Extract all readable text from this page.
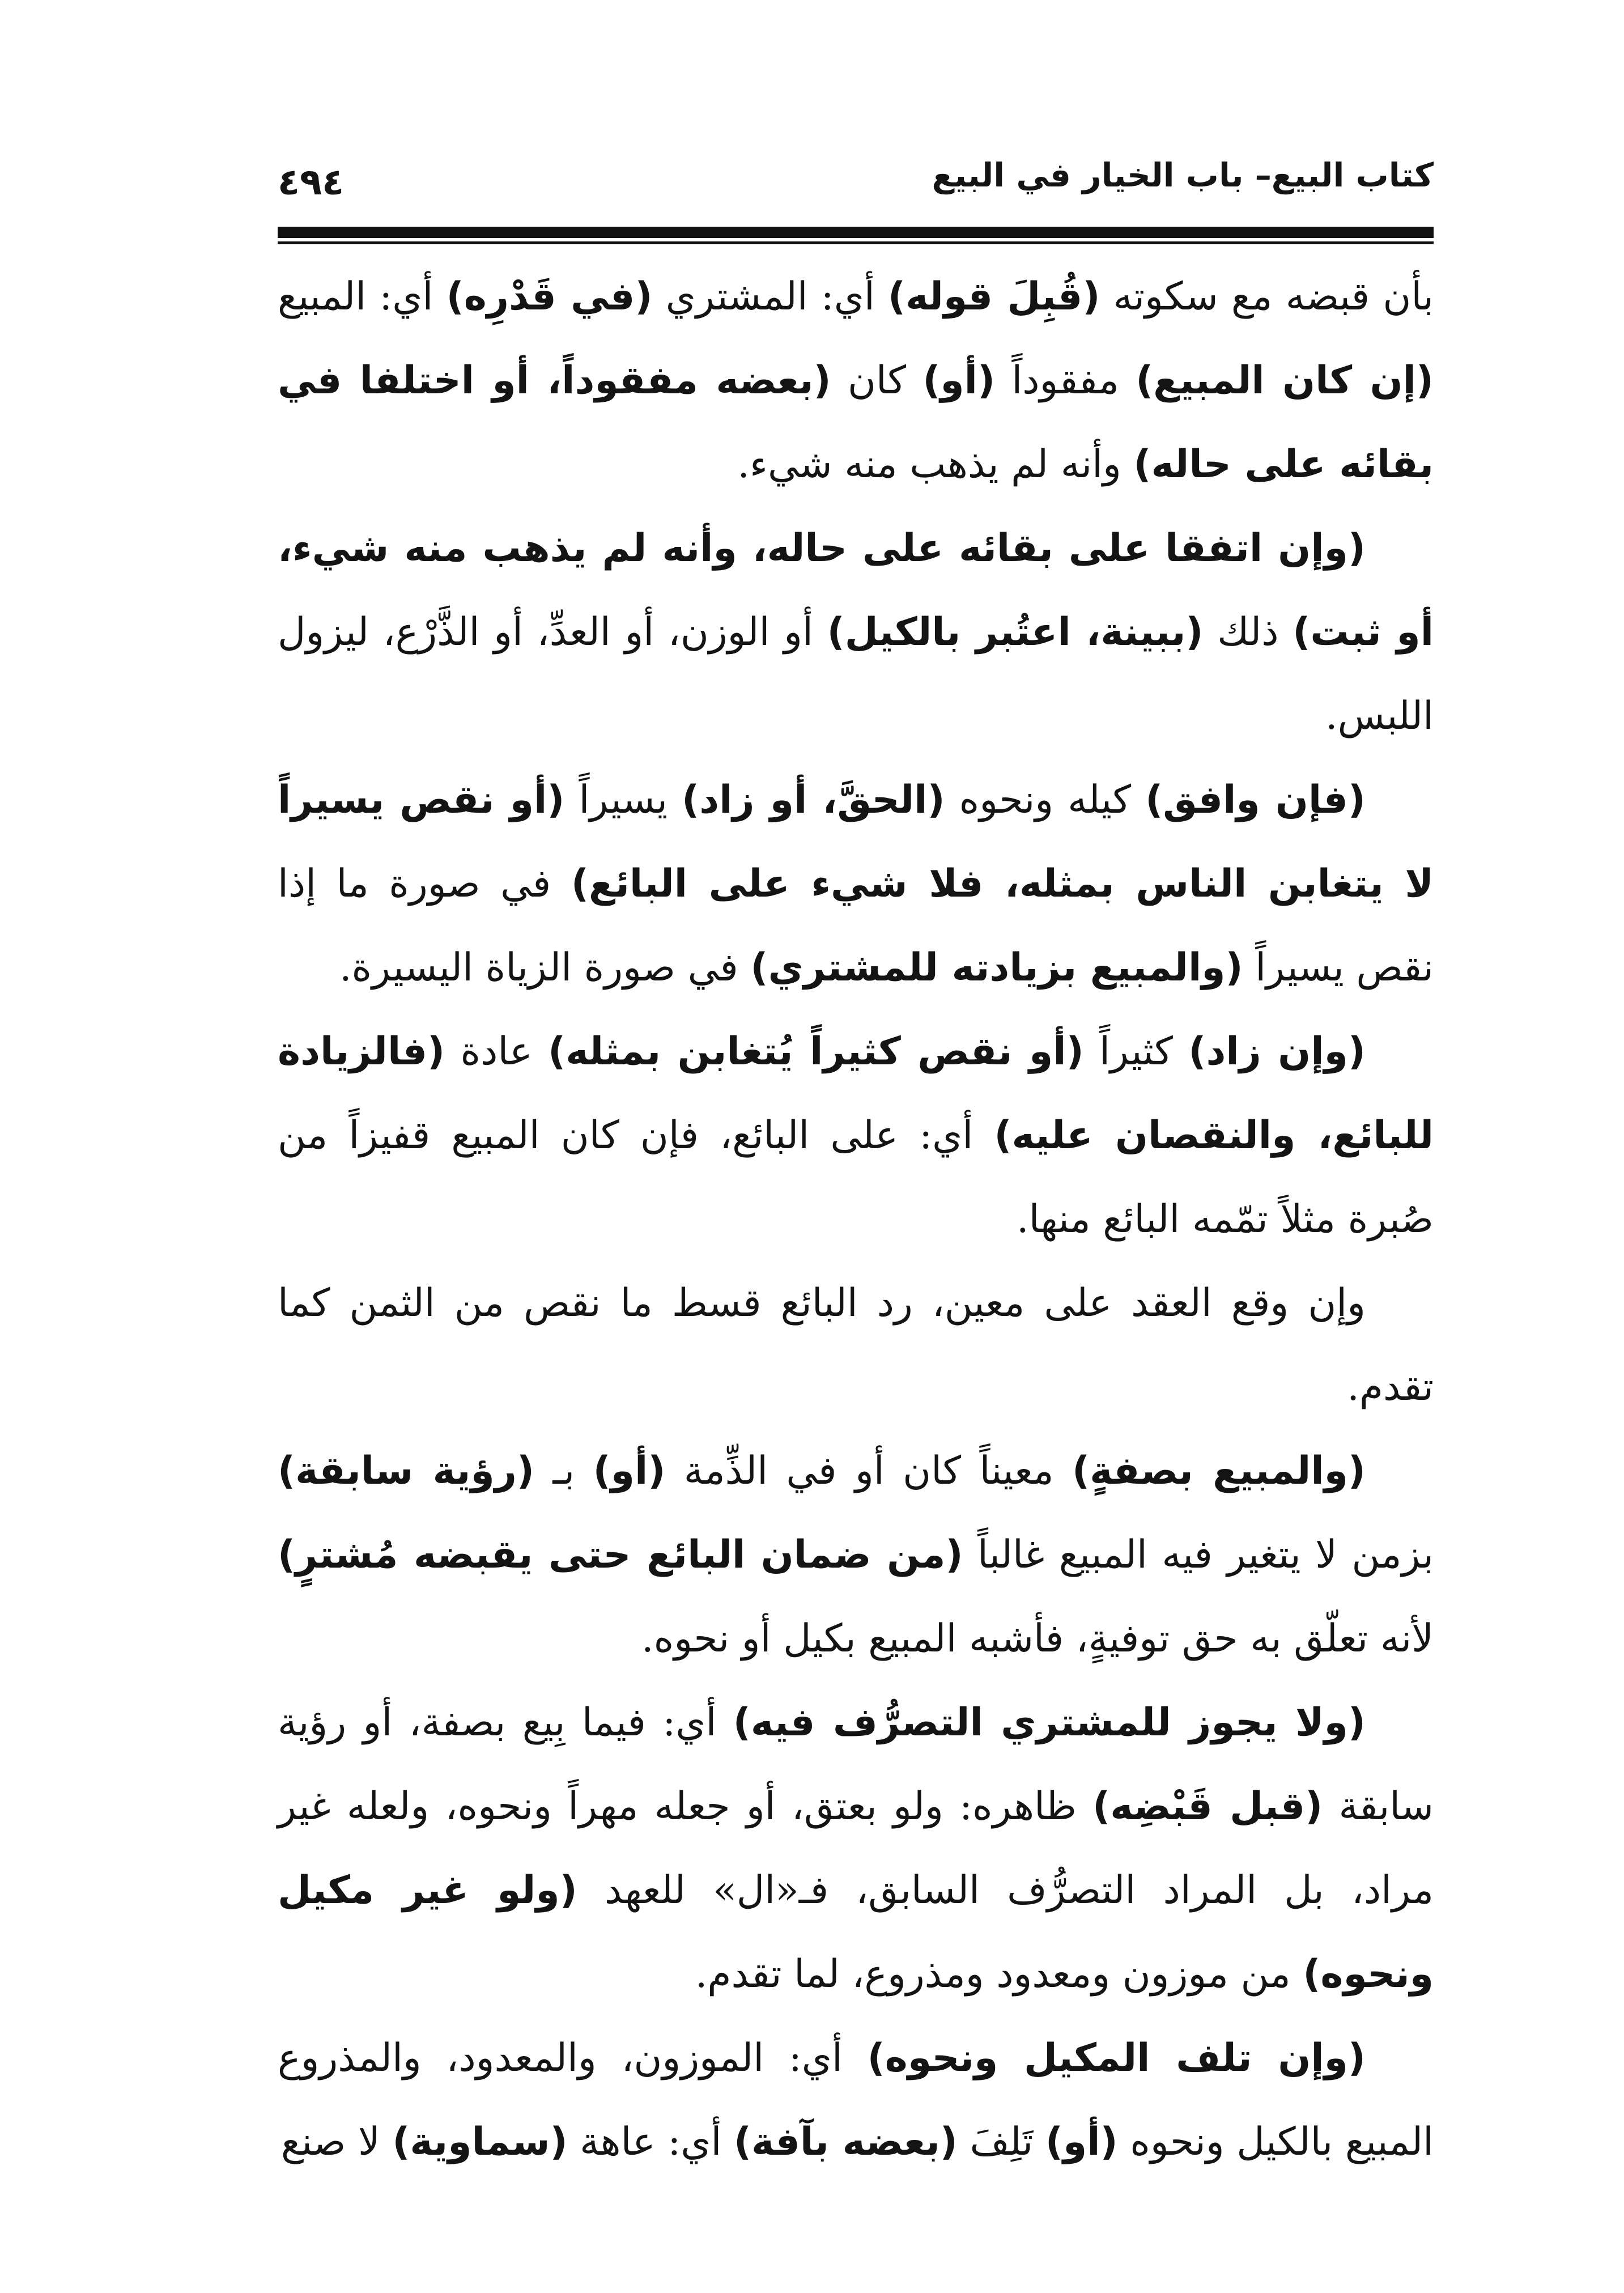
٤٩٤	كتاب البيع– باب الخيار في البيع

بأن قبضه مع سكوته (قُبِلَ قوله) أي: المشتري (في قَدْرِه) أي: المبيع (إن كان المبيع) مفقوداً (أو) كان (بعضه مفقوداً، أو اختلفا في بقائه على حاله) وأنه لم يذهب منه شيء.

(وإن اتفقا على بقائه على حاله، وأنه لم يذهب منه شيء، أو ثبت) ذلك (ببينة، اعتُبر بالكيل) أو الوزن، أو العدِّ، أو الذَّرْع، ليزول اللبس.

(فإن وافق) كيله ونحوه (الحقَّ، أو زاد) يسيراً (أو نقص يسيراً لا يتغابن الناس بمثله، فلا شيء على البائع) في صورة ما إذا نقص يسيراً (والمبيع بزيادته للمشتري) في صورة الزياة اليسيرة.

(وإن زاد) كثيراً (أو نقص كثيراً يُتغابن بمثله) عادة (فالزيادة للبائع، والنقصان عليه) أي: على البائع، فإن كان المبيع قفيزاً من صُبرة مثلاً تمّمه البائع منها.

وإن وقع العقد على معين، رد البائع قسط ما نقص من الثمن كما تقدم.

(والمبيع بصفةٍ) معيناً كان أو في الذِّمة (أو) بـ (رؤية سابقة) بزمن لا يتغير فيه المبيع غالباً (من ضمان البائع حتى يقبضه مُشترٍ) لأنه تعلّق به حق توفيةٍ، فأشبه المبيع بكيل أو نحوه.

(ولا يجوز للمشتري التصرُّف فيه) أي: فيما بِيع بصفة، أو رؤية سابقة (قبل قَبْضِه) ظاهره: ولو بعتق، أو جعله مهراً ونحوه، ولعله غير مراد، بل المراد التصرُّف السابق، فـ«ال» للعهد (ولو غير مكيل ونحوه) من موزون ومعدود ومذروع، لما تقدم.

(وإن تلف المكيل ونحوه) أي: الموزون، والمعدود، والمذروع المبيع بالكيل ونحوه (أو) تَلِفَ (بعضه بآفة) أي: عاهة (سماوية) لا صنع
